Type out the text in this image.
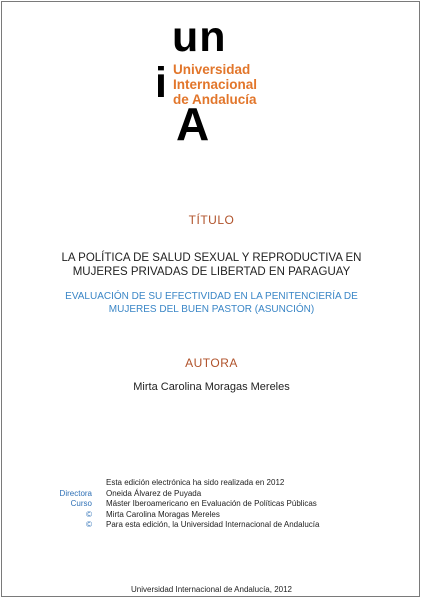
un
i
A
Universidad
Internacional
de Andalucía
TÍTULO
LA POLÍTICA DE SALUD SEXUAL Y REPRODUCTIVA EN
MUJERES PRIVADAS DE LIBERTAD EN PARAGUAY
EVALUACIÓN DE SU EFECTIVIDAD EN LA PENITENCIERÍA DE
MUJERES DEL BUEN PASTOR (ASUNCIÓN)
AUTORA
Mirta Carolina Moragas Mereles
Esta edición electrónica ha sido realizada en 2012
Directora Oneida Álvarez de Puyada
Curso Máster Iberoamericano en Evaluación de Políticas Públicas
© Mirta Carolina Moragas Mereles
© Para esta edición, la Universidad Internacional de Andalucía
Universidad Internacional de Andalucía, 2012
